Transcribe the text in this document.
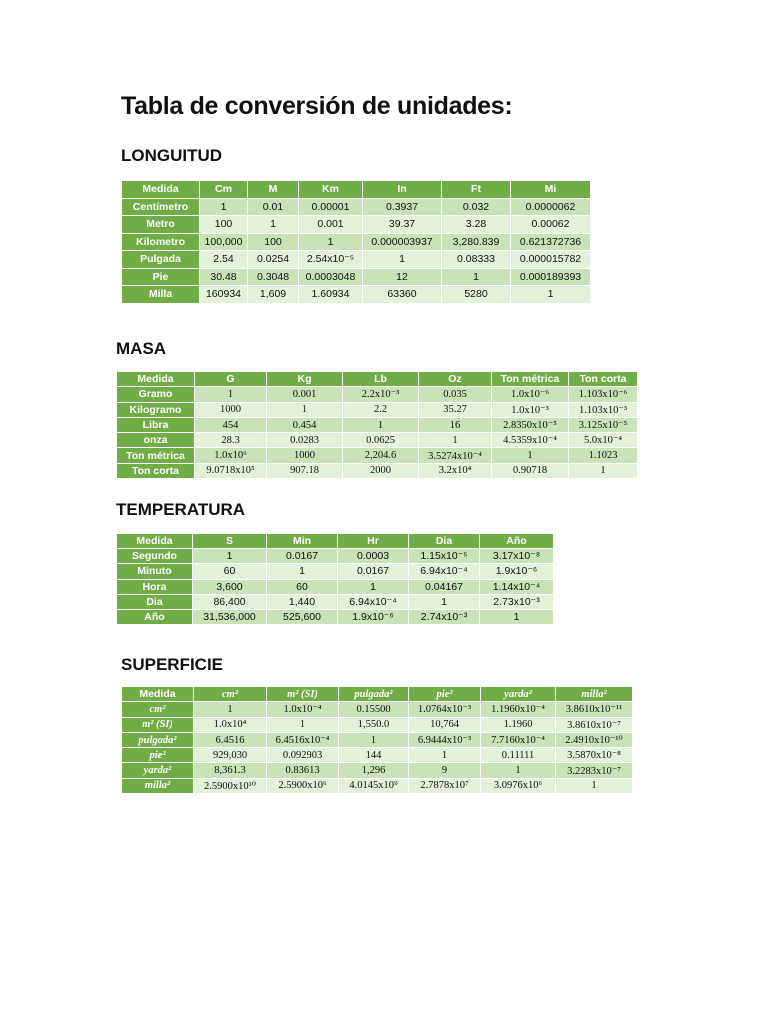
Tabla de conversión de unidades:
LONGUITUD
Medida	Cm	M	Km	In	Ft	Mi
Centímetro	1	0.01	0.00001	0.3937	0.032	0.0000062
Metro	100	1	0.001	39.37	3.28	0.00062
Kilometro	100,000	100	1	0.000003937	3,280.839	0.621372736
Pulgada	2.54	0.0254	2.54x10⁻⁵	1	0.08333	0.000015782
Pie	30.48	0.3048	0.0003048	12	1	0.000189393
Milla	160934	1,609	1.60934	63360	5280	1
MASA
Medida	G	Kg	Lb	Oz	Ton métrica	Ton corta
Gramo	1	0.001	2.2x10⁻³	0.035	1.0x10⁻⁶	1.103x10⁻⁶
Kilogramo	1000	1	2.2	35.27	1.0x10⁻³	1.103x10⁻³
Libra	454	0.454	1	16	2.8350x10⁻⁵	3.125x10⁻⁵
onza	28.3	0.0283	0.0625	1	4.5359x10⁻⁴	5.0x10⁻⁴
Ton métrica	1.0x10⁶	1000	2,204.6	3.5274x10⁻⁴	1	1.1023
Ton corta	9.0718x10⁵	907.18	2000	3.2x10⁴	0.90718	1
TEMPERATURA
Medida	S	Min	Hr	Dia	Año
Segundo	1	0.0167	0.0003	1.15x10⁻⁵	3.17x10⁻⁸
Minuto	60	1	0.0167	6.94x10⁻⁴	1.9x10⁻⁶
Hora	3,600	60	1	0.04167	1.14x10⁻⁴
Dia	86,400	1,440	6.94x10⁻⁴	1	2.73x10⁻³
Año	31,536,000	525,600	1.9x10⁻⁶	2.74x10⁻³	1
SUPERFICIE
Medida	cm²	m² (SI)	pulgada²	pie²	yarda²	milla²
cm²	1	1.0x10⁻⁴	0.15500	1.0764x10⁻³	1.1960x10⁻⁴	3.8610x10⁻¹¹
m² (SI)	1.0x10⁴	1	1,550.0	10,764	1.1960	3.8610x10⁻⁷
pulgada²	6.4516	6.4516x10⁻⁴	1	6.9444x10⁻³	7.7160x10⁻⁴	2.4910x10⁻¹⁰
pie²	929,030	0.092903	144	1	0.11111	3.5870x10⁻⁸
yarda²	8,361.3	0.83613	1,296	9	1	3.2283x10⁻⁷
milla²	2.5900x10¹⁰	2.5900x10⁶	4.0145x10⁹	2.7878x10⁷	3.0976x10⁶	1
